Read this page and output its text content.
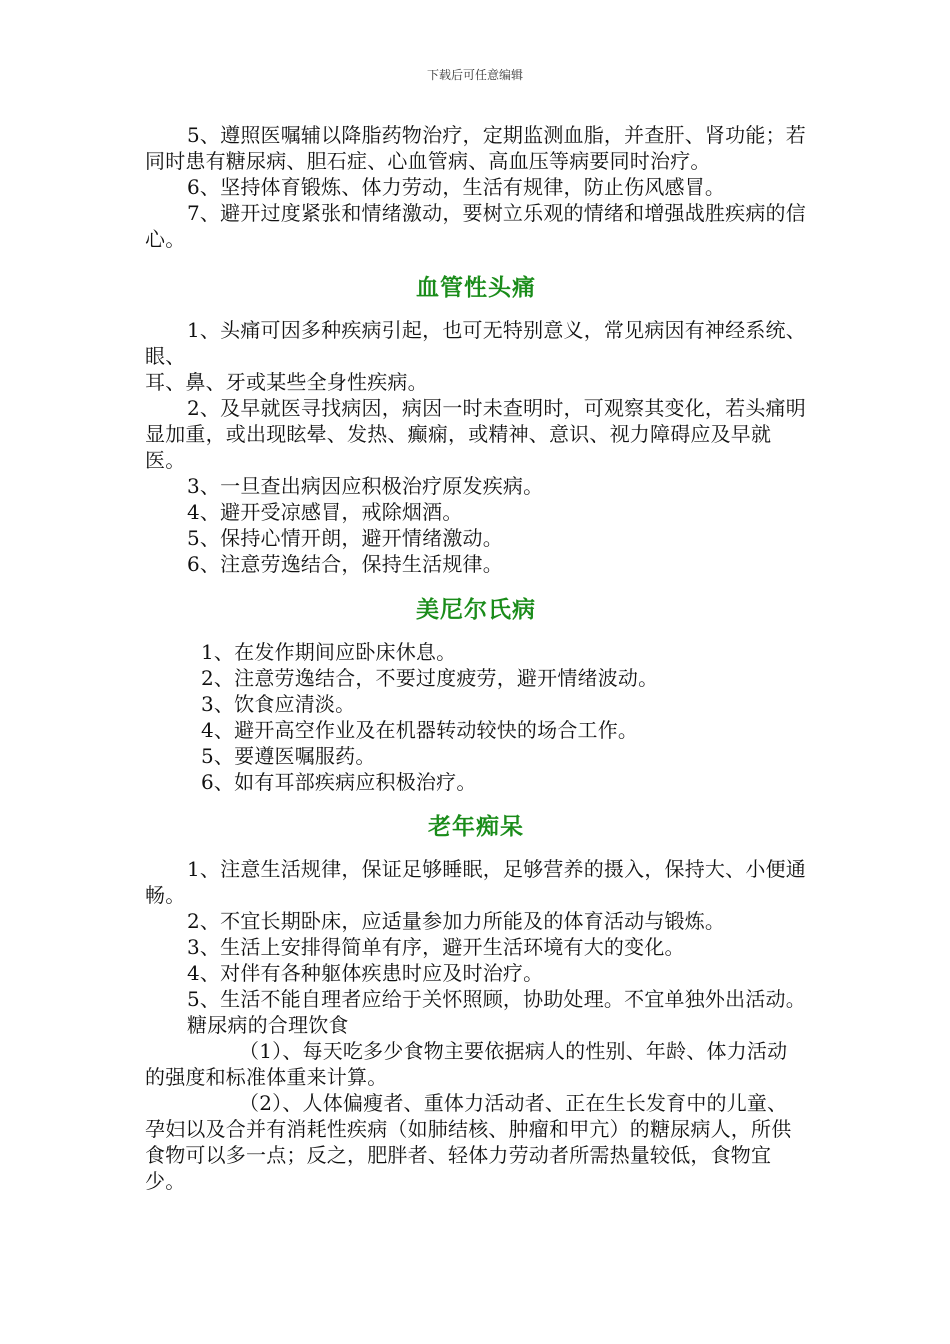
下载后可任意编辑

5、遵照医嘱辅以降脂药物治疗，定期监测血脂，并查肝、肾功能；若同时患有糖尿病、胆石症、心血管病、高血压等病要同时治疗。

6、坚持体育锻炼、体力劳动，生活有规律，防止伤风感冒。

7、避开过度紧张和情绪激动，要树立乐观的情绪和增强战胜疾病的信心。

血管性头痛

1、头痛可因多种疾病引起，也可无特别意义，常见病因有神经系统、眼、

耳、鼻、牙或某些全身性疾病。

2、及早就医寻找病因，病因一时未查明时，可观察其变化，若头痛明显加重，或出现眩晕、发热、癫痫，或精神、意识、视力障碍应及早就医。

3、一旦查出病因应积极治疗原发疾病。

4、避开受凉感冒，戒除烟酒。

5、保持心情开朗，避开情绪激动。

6、注意劳逸结合，保持生活规律。

美尼尔氏病

1、在发作期间应卧床休息。

2、注意劳逸结合，不要过度疲劳，避开情绪波动。

3、饮食应清淡。

4、避开高空作业及在机器转动较快的场合工作。

5、要遵医嘱服药。

6、如有耳部疾病应积极治疗。

老年痴呆

1、注意生活规律，保证足够睡眠，足够营养的摄入，保持大、小便通畅。

2、不宜长期卧床，应适量参加力所能及的体育活动与锻炼。

3、生活上安排得简单有序，避开生活环境有大的变化。

4、对伴有各种躯体疾患时应及时治疗。

5、生活不能自理者应给于关怀照顾，协助处理。不宜单独外出活动。

糖尿病的合理饮食

（1）、每天吃多少食物主要依据病人的性别、年龄、体力活动的强度和标准体重来计算。

（2）、人体偏瘦者、重体力活动者、正在生长发育中的儿童、孕妇以及合并有消耗性疾病（如肺结核、肿瘤和甲亢）的糖尿病人，所供食物可以多一点；反之，肥胖者、轻体力劳动者所需热量较低，食物宜少。
